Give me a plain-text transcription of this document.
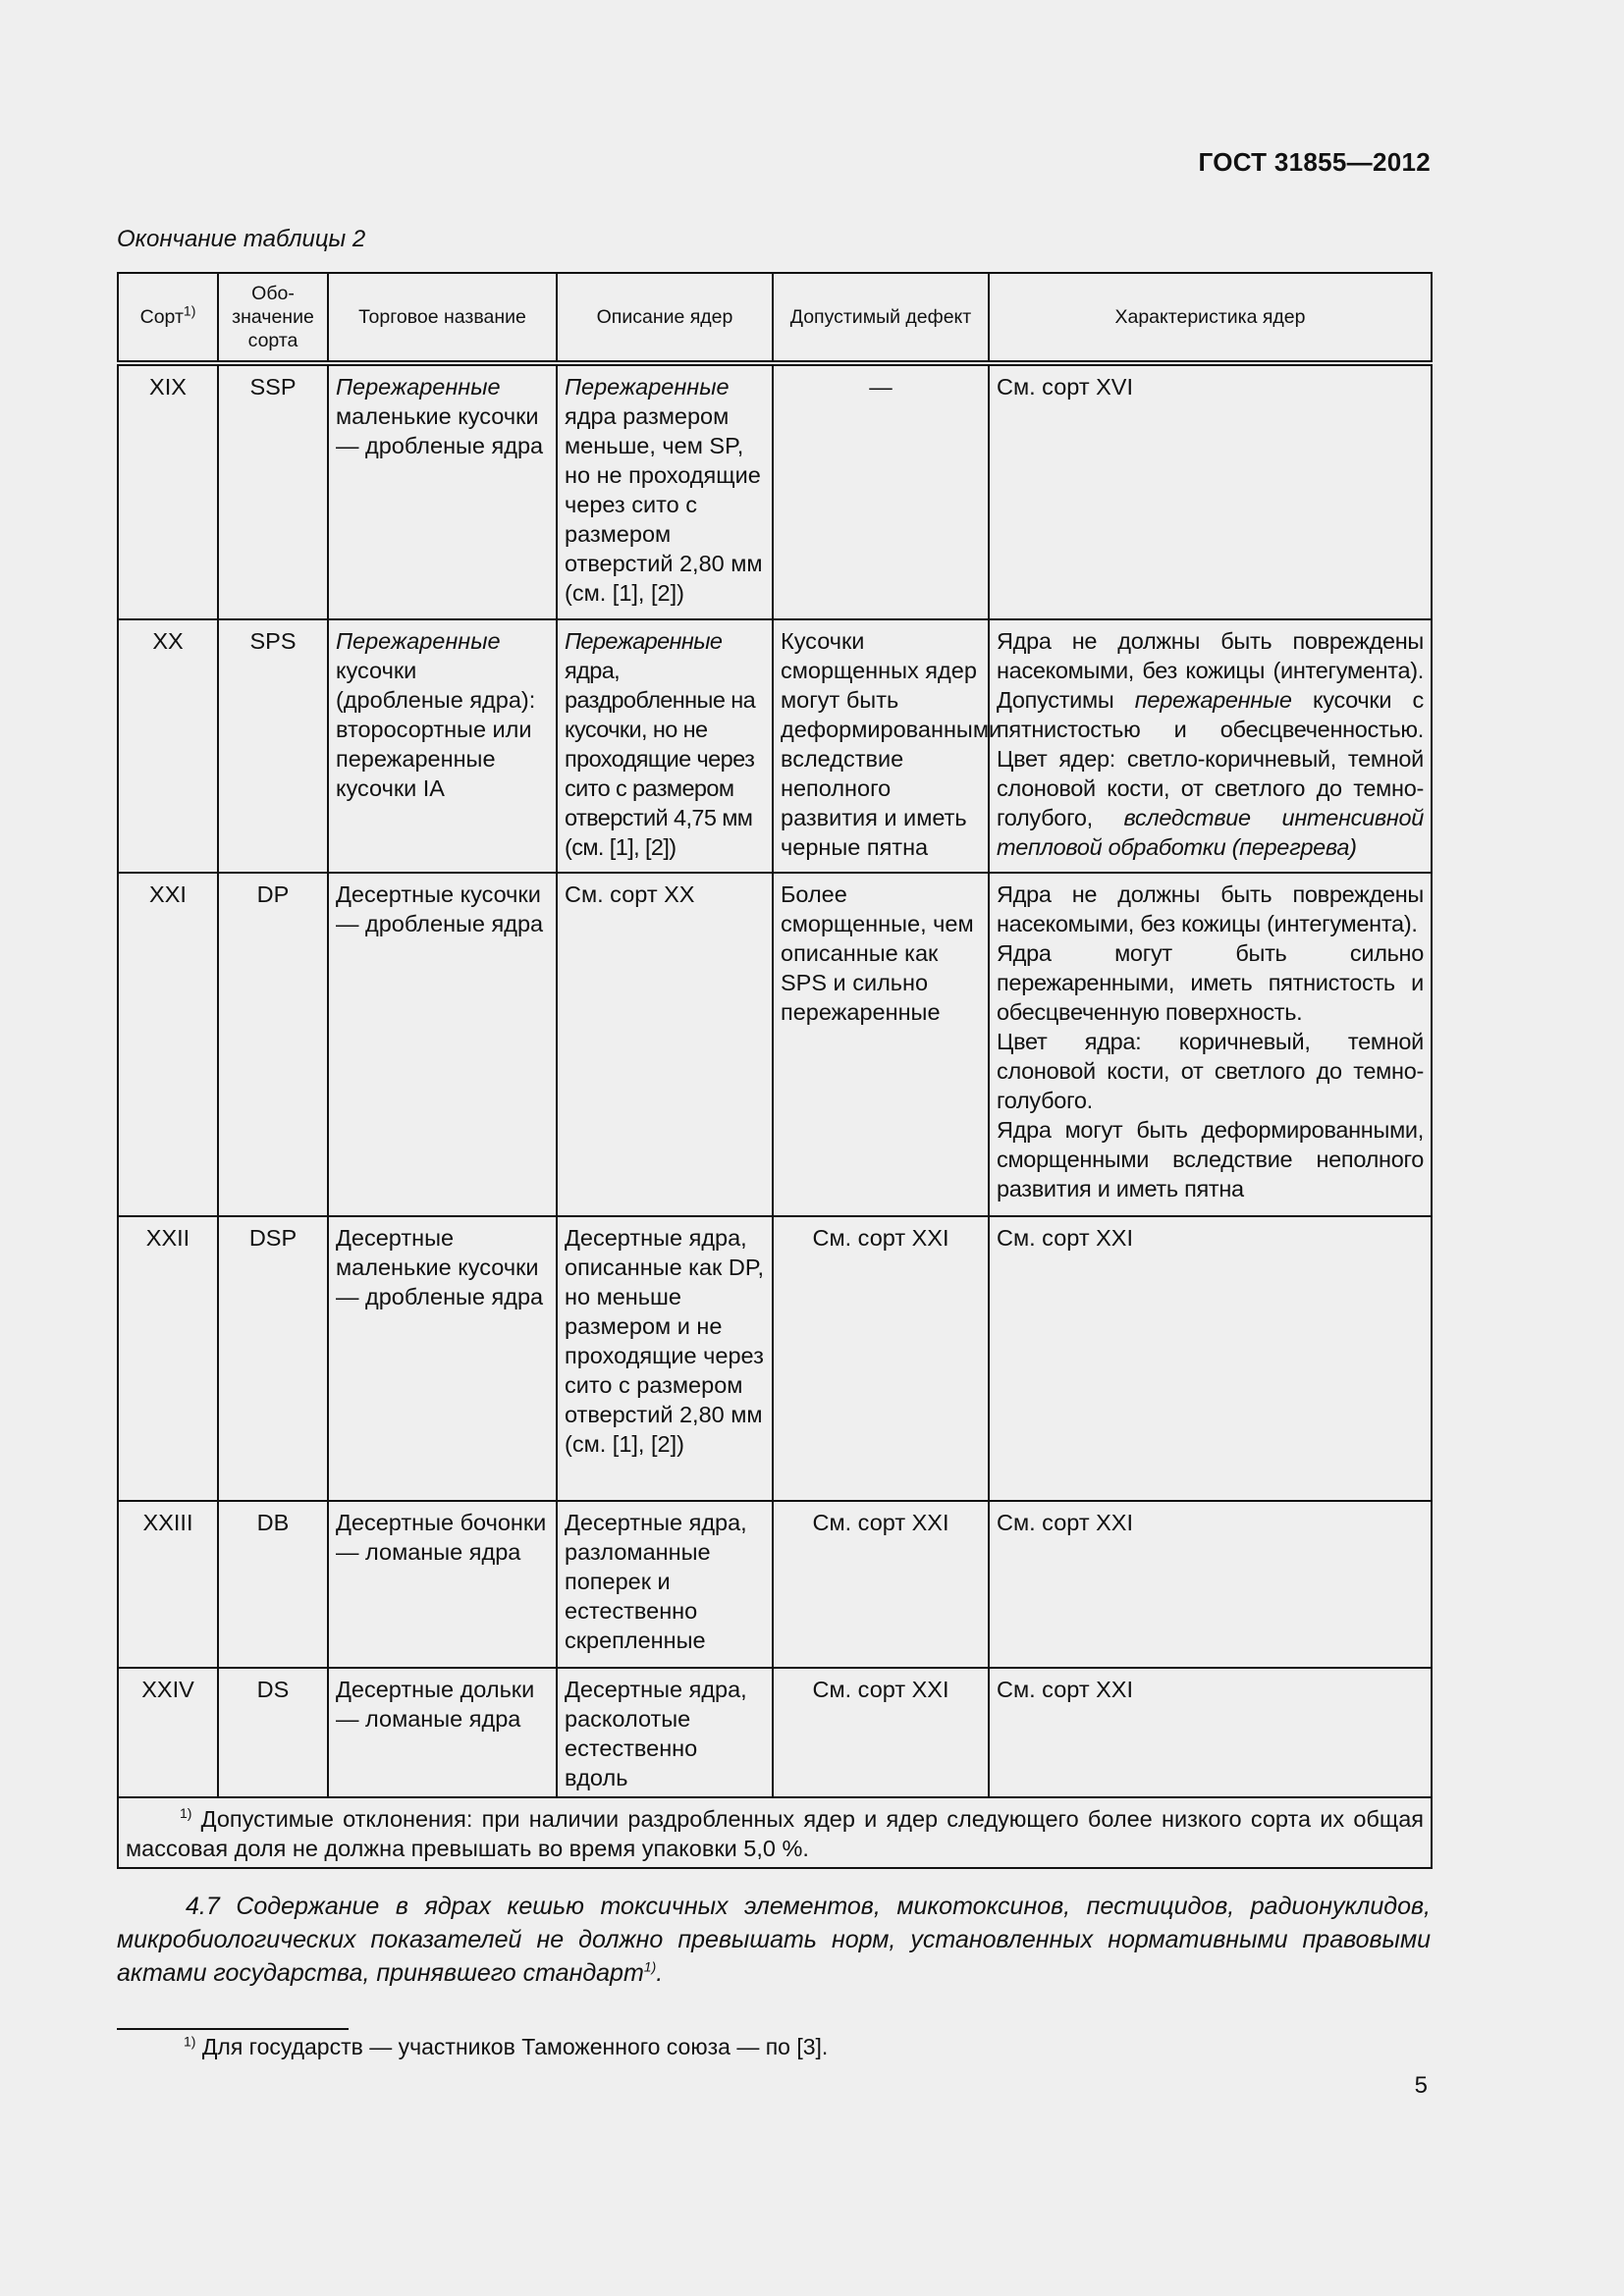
ГОСТ 31855—2012
Окончание таблицы 2
Сорт$^{1)}$	Обо-значение сорта	Торговое название	Описание ядер	Допустимый дефект	Характеристика ядер
XIX	SSP	Пережаренные маленькие кусочки — дробленые ядра	Пережаренные ядра размером меньше, чем SP, но не проходящие через сито с размером отверстий 2,80 мм (см. [1], [2])	—	См. сорт XVI
XX	SPS	Пережаренные кусочки (дробленые ядра): второсортные или пережаренные кусочки IA	Пережаренные ядра, раздробленные на кусочки, но не проходящие через сито с размером отверстий 4,75 мм (см. [1], [2])	Кусочки сморщенных ядер могут быть деформированными вследствие неполного развития и иметь черные пятна	Ядра не должны быть повреждены насекомыми, без кожицы (интегумента). Допустимы пережаренные кусочки с пятнистостью и обесцвеченностью. Цвет ядер: светло-коричневый, темной слоновой кости, от светлого до темно-голубого, вследствие интенсивной тепловой обработки (перегрева)
XXI	DP	Десертные кусочки — дробленые ядра	См. сорт XX	Более сморщенные, чем описанные как SPS и сильно пережаренные	Ядра не должны быть повреждены насекомыми, без кожицы (интегумента).
Ядра могут быть сильно пережаренными, иметь пятнистость и обесцвеченную поверхность.
Цвет ядра: коричневый, темной слоновой кости, от светлого до темно-голубого.
Ядра могут быть деформированными, сморщенными вследствие неполного развития и иметь пятна

XXII	DSP	Десертные маленькие кусочки — дробленые ядра	Десертные ядра, описанные как DP, но меньше размером и не проходящие через сито с размером отверстий 2,80 мм (см. [1], [2])	См. сорт XXI	См. сорт XXI
XXIII	DB	Десертные бочонки — ломаные ядра	Десертные ядра, разломанные поперек и естественно скрепленные	См. сорт XXI	См. сорт XXI
XXIV	DS	Десертные дольки — ломаные ядра	Десертные ядра, расколотые естественно вдоль	См. сорт XXI	См. сорт XXI
$^{1)}$ Допустимые отклонения: при наличии раздробленных ядер и ядер следующего более низкого сорта их общая массовая доля не должна превышать во время упаковки 5,0 %.					
4.7 Содержание в ядрах кешью токсичных элементов, микотоксинов, пестицидов, радионуклидов, микробиологических показателей не должно превышать норм, установленных нормативными правовыми актами государства, принявшего стандарт$^{1)}$.
$^{1)}$ Для государств — участников Таможенного союза — по [3].
5
